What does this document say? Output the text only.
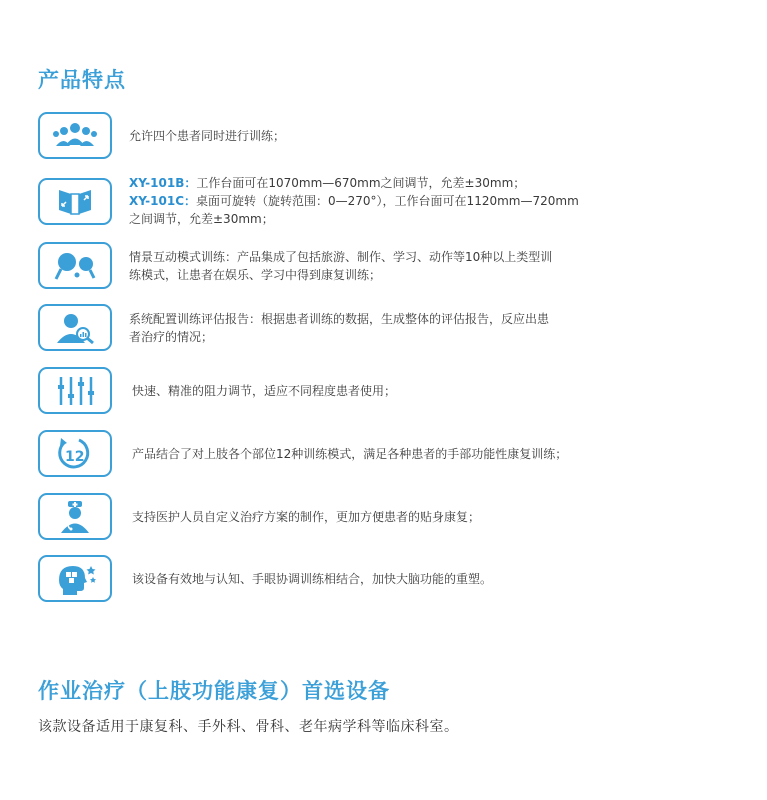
产品特点
允许四个患者同时进行训练；
XY-101B：工作台面可在1070mm—670mm之间调节，允差±30mm；
XY-101C：桌面可旋转（旋转范围：0—270°），工作台面可在1120mm—720mm
之间调节，允差±30mm；
情景互动模式训练：产品集成了包括旅游、制作、学习、动作等10种以上类型训
练模式，让患者在娱乐、学习中得到康复训练；
系统配置训练评估报告：根据患者训练的数据，生成整体的评估报告，反应出患
者治疗的情况；
快速、精准的阻力调节，适应不同程度患者使用；
12	产品结合了对上肢各个部位12种训练模式，满足各种患者的手部功能性康复训练；
支持医护人员自定义治疗方案的制作，更加方便患者的贴身康复；
该设备有效地与认知、手眼协调训练相结合，加快大脑功能的重塑。
作业治疗（上肢功能康复）首选设备

该款设备适用于康复科、手外科、骨科、老年病学科等临床科室。
